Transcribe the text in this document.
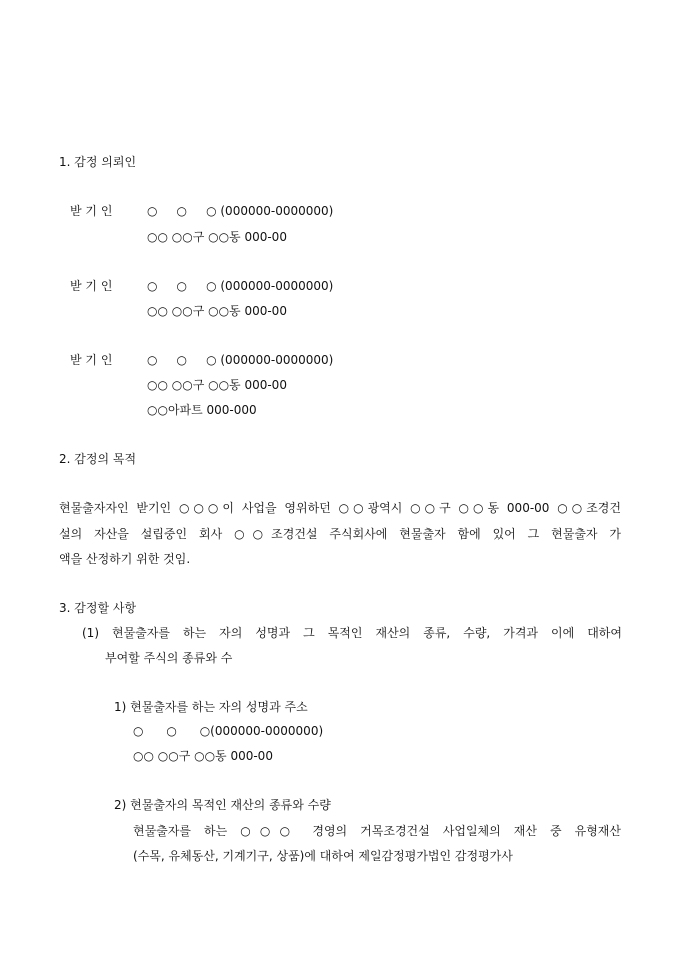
1. 감정 의뢰인
받 기 인	○     ○     ○ (000000-0000000)
○○ ○○구 ○○동 000-00
받 기 인	○     ○     ○ (000000-0000000)
○○ ○○구 ○○동 000-00
받 기 인	○     ○     ○ (000000-0000000)
○○ ○○구 ○○동 000-00
○○아파트 000-000
2. 감정의 목적
현물출자자인 받기인 ○○○이 사업을 영위하던 ○○광역시 ○○구 ○○동 000-00 ○○조경건
설의 자산을 설립중인 회사 ○○조경건설 주식회사에 현물출자 함에 있어 그 현물출자 가
액을 산정하기 위한 것임.
3. 감정할 사항
(1) 현물출자를 하는 자의 성명과 그 목적인 재산의 종류, 수량, 가격과 이에 대하여
부여할 주식의 종류와 수
1) 현물출자를 하는 자의 성명과 주소
○      ○      ○(000000-0000000)
○○ ○○구 ○○동 000-00
2) 현물출자의 목적인 재산의 종류와 수량
현물출자를 하는 ○○○ 경영의 거목조경건설 사업일체의 재산 중 유형재산
(수목, 유체동산, 기계기구, 상품)에 대하여 제일감정평가법인 감정평가사
